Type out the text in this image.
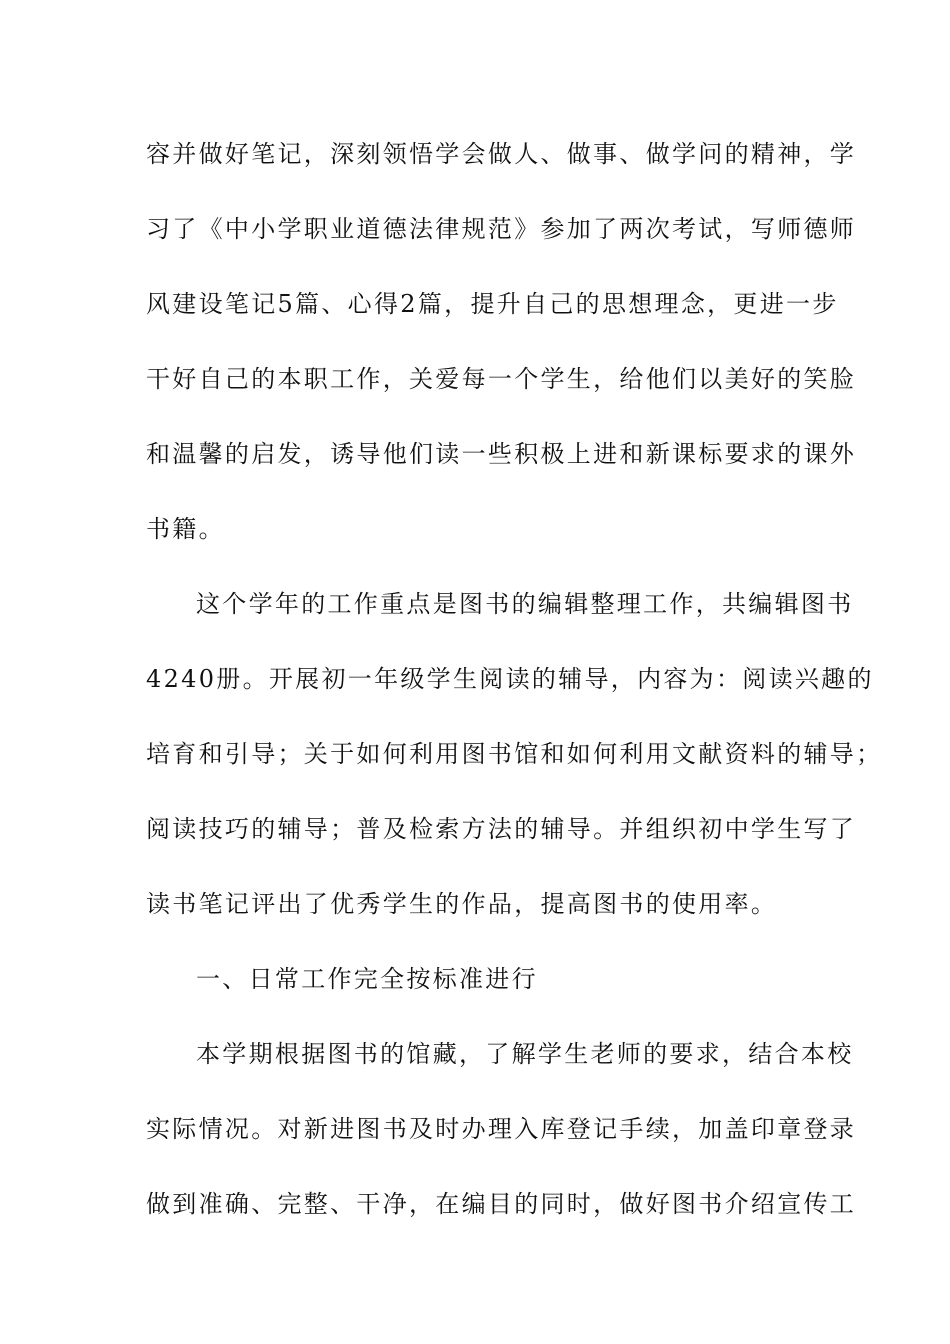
容并做好笔记，深刻领悟学会做人、做事、做学问的精神，学
习了《中小学职业道德法律规范》参加了两次考试，写师德师
风建设笔记5篇、心得2篇，提升自己的思想理念，更进一步
干好自己的本职工作，关爱每一个学生，给他们以美好的笑脸
和温馨的启发，诱导他们读一些积极上进和新课标要求的课外
书籍。
这个学年的工作重点是图书的编辑整理工作，共编辑图书
4240册。开展初一年级学生阅读的辅导，内容为：阅读兴趣的
培育和引导；关于如何利用图书馆和如何利用文献资料的辅导；
阅读技巧的辅导；普及检索方法的辅导。并组织初中学生写了
读书笔记评出了优秀学生的作品，提高图书的使用率。
一、日常工作完全按标准进行
本学期根据图书的馆藏，了解学生老师的要求，结合本校
实际情况。对新进图书及时办理入库登记手续，加盖印章登录
做到准确、完整、干净，在编目的同时，做好图书介绍宣传工
